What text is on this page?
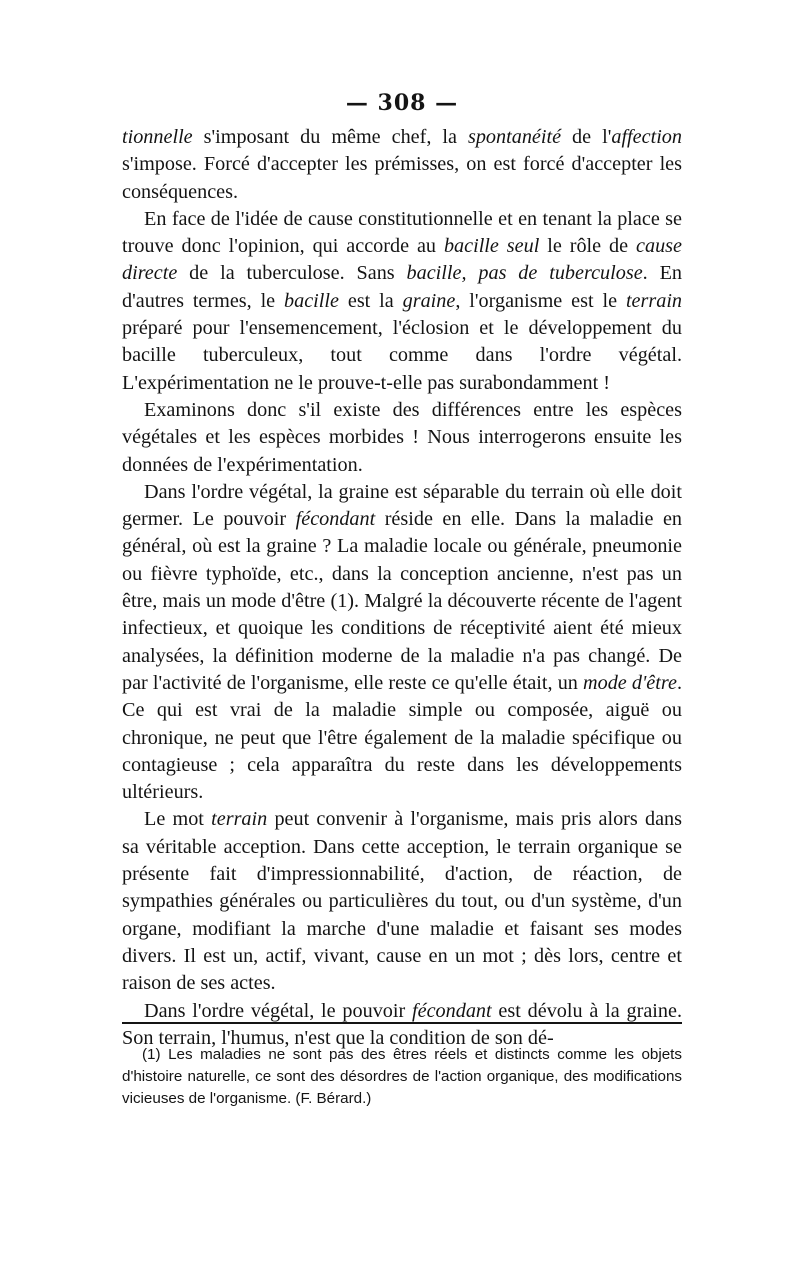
— 308 —

tionnelle s'imposant du même chef, la spontanéité de l'affection s'impose. Forcé d'accepter les prémisses, on est forcé d'accepter les conséquences.

En face de l'idée de cause constitutionnelle et en tenant la place se trouve donc l'opinion, qui accorde au bacille seul le rôle de cause directe de la tuberculose. Sans bacille, pas de tuberculose. En d'autres termes, le bacille est la graine, l'organisme est le terrain préparé pour l'ensemencement, l'éclosion et le développement du bacille tuberculeux, tout comme dans l'ordre végétal. L'expérimentation ne le prouve-t-elle pas surabondamment !

Examinons donc s'il existe des différences entre les espèces végétales et les espèces morbides ! Nous interrogerons ensuite les données de l'expérimentation.

Dans l'ordre végétal, la graine est séparable du terrain où elle doit germer. Le pouvoir fécondant réside en elle. Dans la maladie en général, où est la graine ? La maladie locale ou générale, pneumonie ou fièvre typhoïde, etc., dans la conception ancienne, n'est pas un être, mais un mode d'être (1). Malgré la découverte récente de l'agent infectieux, et quoique les conditions de réceptivité aient été mieux analysées, la définition moderne de la maladie n'a pas changé. De par l'activité de l'organisme, elle reste ce qu'elle était, un mode d'être. Ce qui est vrai de la maladie simple ou composée, aiguë ou chronique, ne peut que l'être également de la maladie spécifique ou contagieuse ; cela apparaîtra du reste dans les développements ultérieurs.

Le mot terrain peut convenir à l'organisme, mais pris alors dans sa véritable acception. Dans cette acception, le terrain organique se présente fait d'impressionnabilité, d'action, de réaction, de sympathies générales ou particulières du tout, ou d'un système, d'un organe, modifiant la marche d'une maladie et faisant ses modes divers. Il est un, actif, vivant, cause en un mot ; dès lors, centre et raison de ses actes.

Dans l'ordre végétal, le pouvoir fécondant est dévolu à la graine. Son terrain, l'humus, n'est que la condition de son dé-

(1) Les maladies ne sont pas des êtres réels et distincts comme les objets d'histoire naturelle, ce sont des désordres de l'action organique, des modifications vicieuses de l'organisme. (F. Bérard.)
